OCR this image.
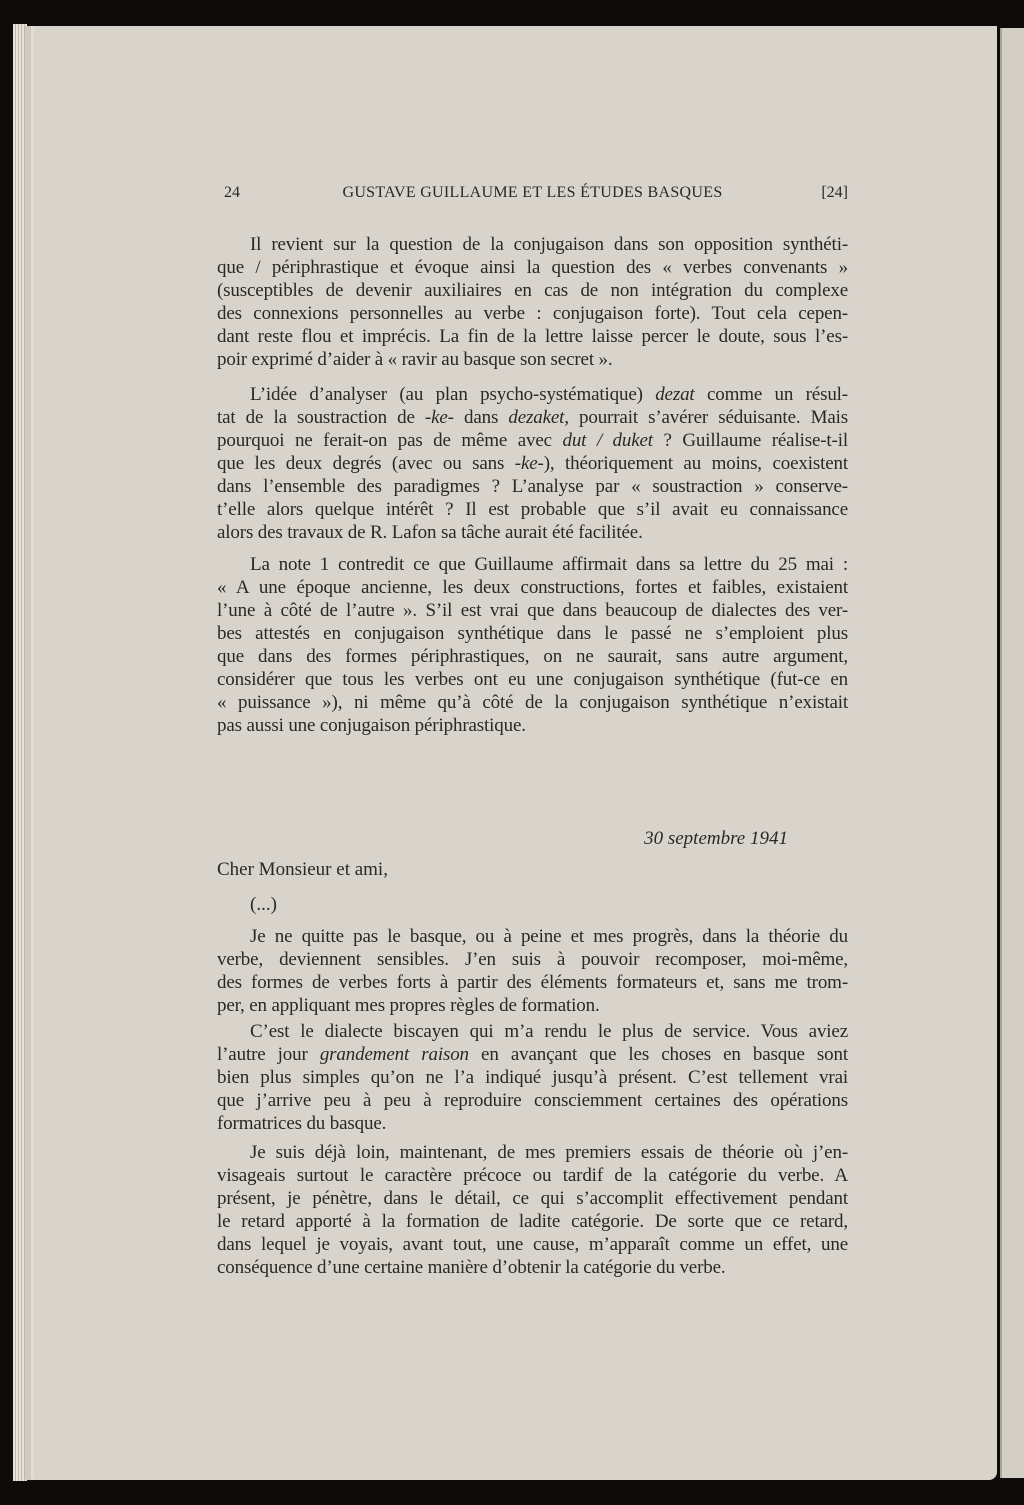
24	GUSTAVE GUILLAUME ET LES ÉTUDES BASQUES	[24]
Il revient sur la question de la conjugaison dans son opposition synthéti-
que / périphrastique et évoque ainsi la question des « verbes convenants »
(susceptibles de devenir auxiliaires en cas de non intégration du complexe
des connexions personnelles au verbe : conjugaison forte). Tout cela cepen-
dant reste flou et imprécis. La fin de la lettre laisse percer le doute, sous l’es-
poir exprimé d’aider à « ravir au basque son secret ».
L’idée d’analyser (au plan psycho-systématique) dezat comme un résul-
tat de la soustraction de -ke- dans dezaket, pourrait s’avérer séduisante. Mais
pourquoi ne ferait-on pas de même avec dut / duket ? Guillaume réalise-t-il
que les deux degrés (avec ou sans -ke-), théoriquement au moins, coexistent
dans l’ensemble des paradigmes ? L’analyse par « soustraction » conserve-
t’elle alors quelque intérêt ? Il est probable que s’il avait eu connaissance
alors des travaux de R. Lafon sa tâche aurait été facilitée.
La note 1 contredit ce que Guillaume affirmait dans sa lettre du 25 mai :
« A une époque ancienne, les deux constructions, fortes et faibles, existaient
l’une à côté de l’autre ». S’il est vrai que dans beaucoup de dialectes des ver-
bes attestés en conjugaison synthétique dans le passé ne s’emploient plus
que dans des formes périphrastiques, on ne saurait, sans autre argument,
considérer que tous les verbes ont eu une conjugaison synthétique (fut-ce en
« puissance »), ni même qu’à côté de la conjugaison synthétique n’existait
pas aussi une conjugaison périphrastique.
30 septembre 1941
Cher Monsieur et ami,
(...)
Je ne quitte pas le basque, ou à peine et mes progrès, dans la théorie du
verbe, deviennent sensibles. J’en suis à pouvoir recomposer, moi-même,
des formes de verbes forts à partir des éléments formateurs et, sans me trom-
per, en appliquant mes propres règles de formation.
C’est le dialecte biscayen qui m’a rendu le plus de service. Vous aviez
l’autre jour grandement raison en avançant que les choses en basque sont
bien plus simples qu’on ne l’a indiqué jusqu’à présent. C’est tellement vrai
que j’arrive peu à peu à reproduire consciemment certaines des opérations
formatrices du basque.
Je suis déjà loin, maintenant, de mes premiers essais de théorie où j’en-
visageais surtout le caractère précoce ou tardif de la catégorie du verbe. A
présent, je pénètre, dans le détail, ce qui s’accomplit effectivement pendant
le retard apporté à la formation de ladite catégorie. De sorte que ce retard,
dans lequel je voyais, avant tout, une cause, m’apparaît comme un effet, une
conséquence d’une certaine manière d’obtenir la catégorie du verbe.
